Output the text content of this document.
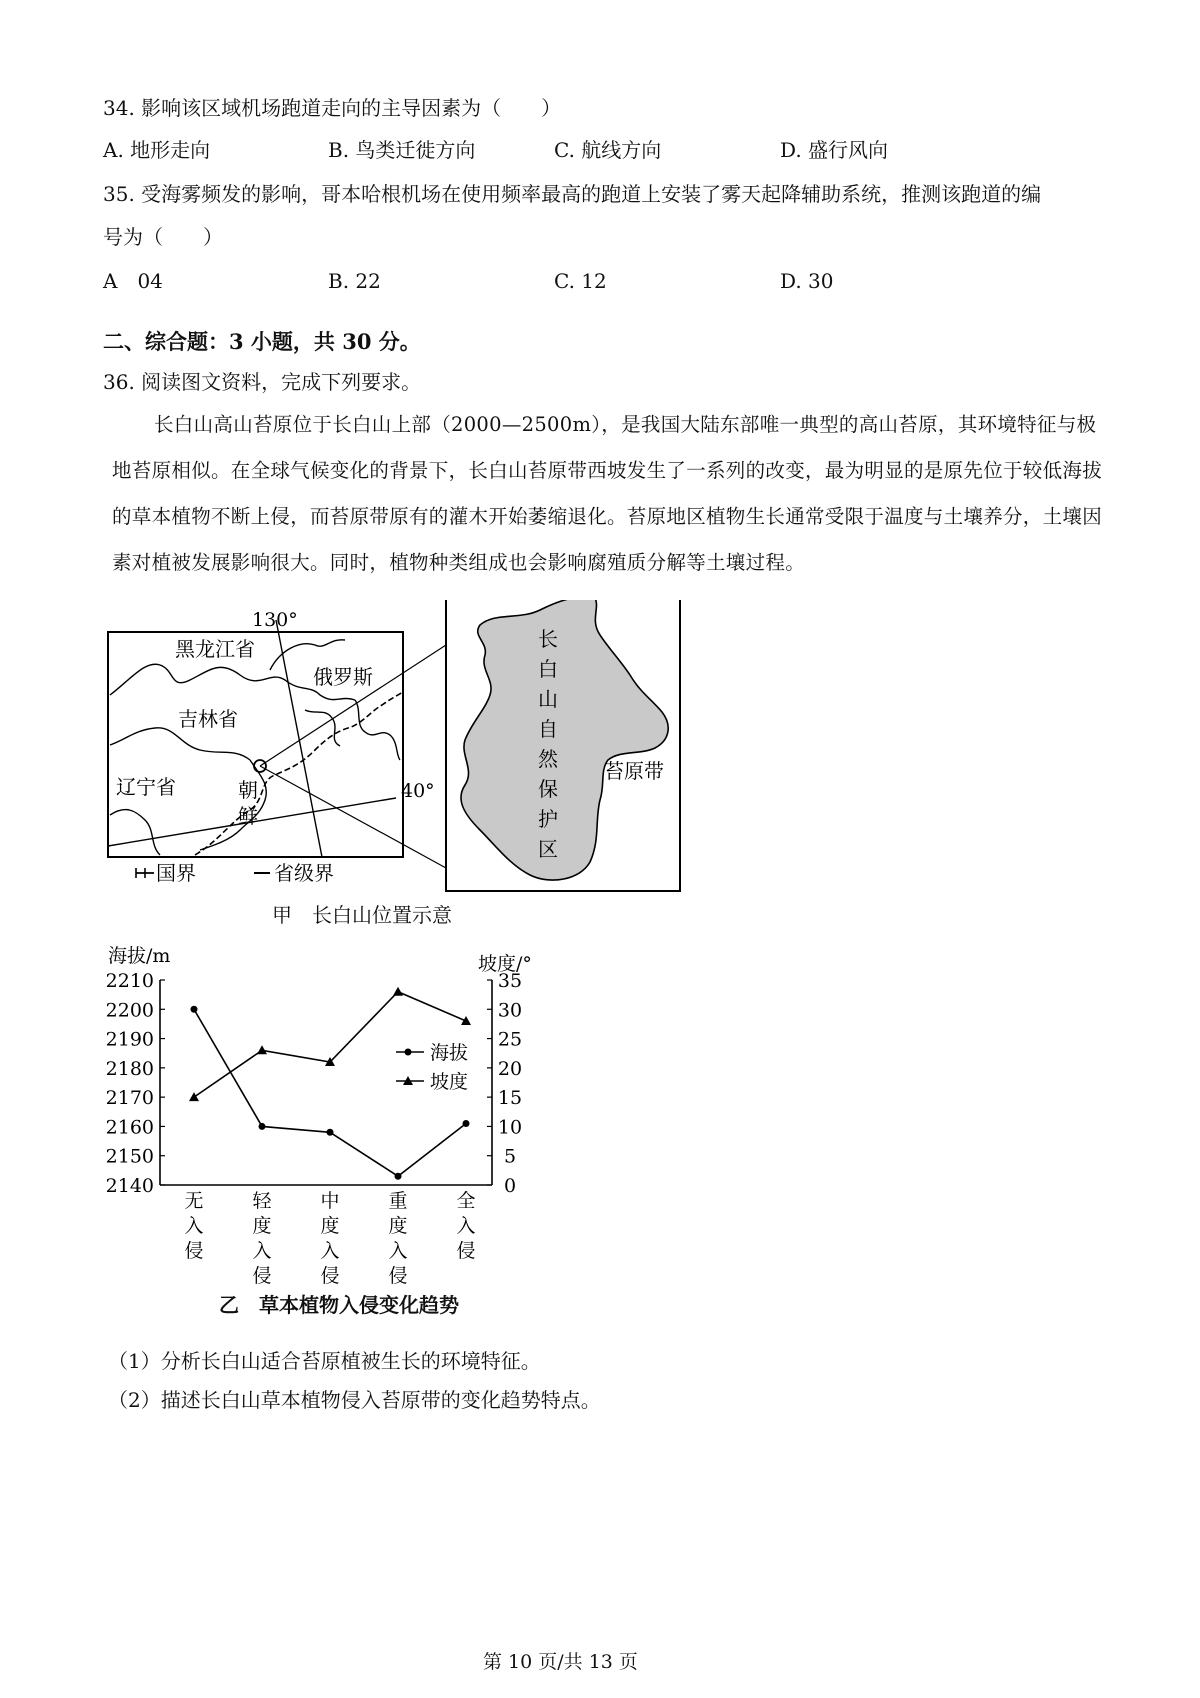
34. 影响该区域机场跑道走向的主导因素为（　　）
A. 地形走向	B. 鸟类迁徙方向	C. 航线方向	D. 盛行风向
35. 受海雾频发的影响，哥本哈根机场在使用频率最高的跑道上安装了雾天起降辅助系统，推测该跑道的编
号为（　　）
A　04	B. 22	C. 12	D. 30
二、综合题：3 小题，共 30 分。
36. 阅读图文资料，完成下列要求。
长白山高山苔原位于长白山上部（2000—2500m），是我国大陆东部唯一典型的高山苔原，其环境特征与极地苔原相似。在全球气候变化的背景下，长白山苔原带西坡发生了一系列的改变，最为明显的是原先位于较低海拔的草本植物不断上侵，而苔原带原有的灌木开始萎缩退化。苔原地区植物生长通常受限于温度与土壤养分，土壤因素对植被发展影响很大。同时，植物种类组成也会影响腐殖质分解等土壤过程。
130°
40°
黑龙江省
吉林省
俄罗斯
辽宁省	朝
鲜
国界	省级界
长
白
山
自
然
保
护
区
苔原带
甲　长白山位置示意
海拔/m	坡度/°
2210
2200
2190
2180
2170
2160
2150
2140
35
30
25
20
15
10
5
0
无
入
侵
轻
度
入
侵
中
度
入
侵
重
度
入
侵
全
入
侵
海拔
坡度
乙　草本植物入侵变化趋势
（1）分析长白山适合苔原植被生长的环境特征。
（2）描述长白山草本植物侵入苔原带的变化趋势特点。
第 10 页/共 13 页
